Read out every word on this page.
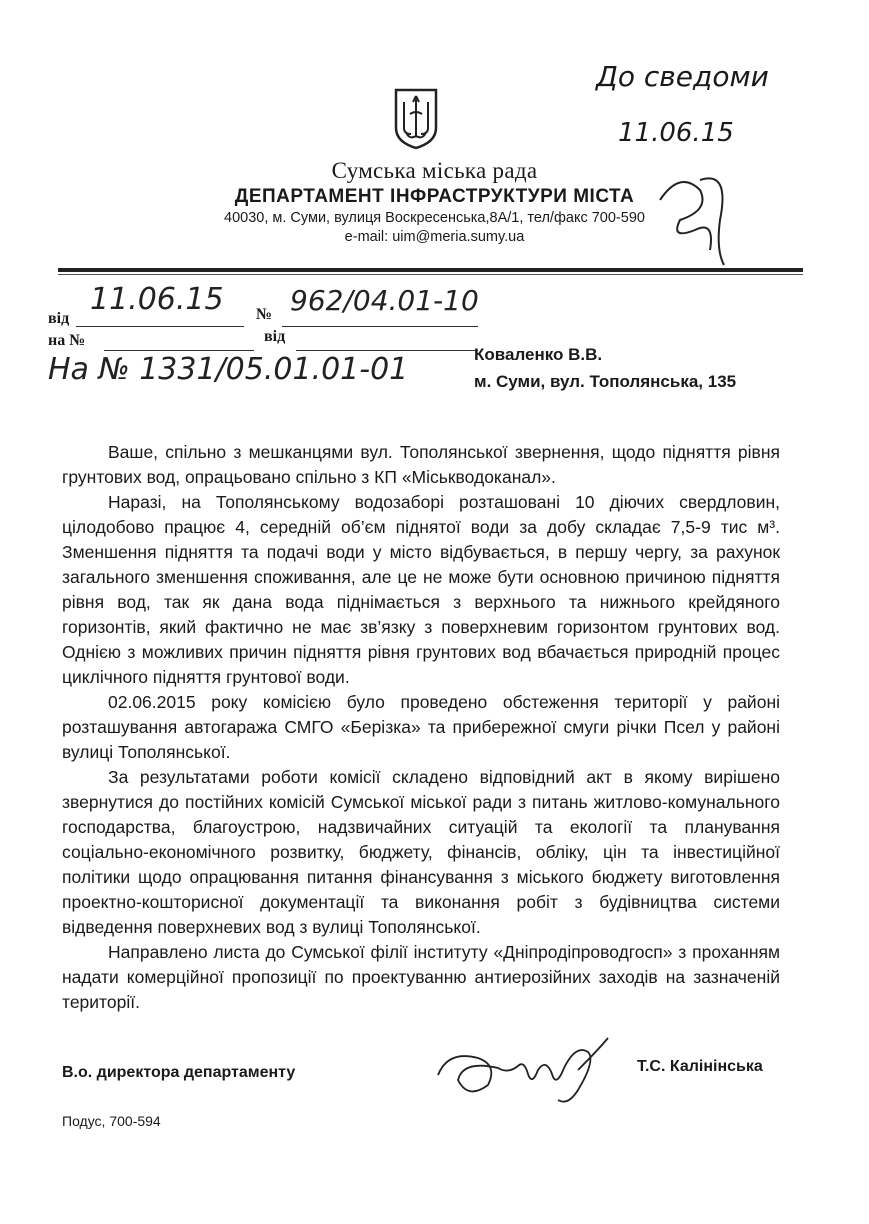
До сведоми
11.06.15
Сумська міська рада
ДЕПАРТАМЕНТ ІНФРАСТРУКТУРИ МІСТА
40030, м. Суми, вулиця Воскресенська,8А/1, тел/факс 700-590
e-mail: uim@meria.sumy.ua
від
11.06.15 № 962/04.01-10
на №	від
На № 1331/05.01.01-01	Коваленко В.В.
м. Суми, вул. Тополянська, 135

Ваше, спільно з мешканцями вул. Тополянської звернення, щодо підняття рівня грунтових вод, опрацьовано спільно з КП «Міськводоканал».

Наразі, на Тополянському водозаборі розташовані 10 діючих свердловин, цілодобово працює 4, середній об’єм піднятої води за добу складає 7,5-9 тис м³. Зменшення підняття та подачі води у місто відбувається, в першу чергу, за рахунок загального зменшення споживання, але це не може бути основною причиною підняття рівня вод, так як дана вода піднімається з верхнього та нижнього крейдяного горизонтів, який фактично не має зв’язку з поверхневим горизонтом грунтових вод. Однією з можливих причин підняття рівня грунтових вод вбачається природній процес циклічного підняття грунтової води.

02.06.2015 року комісією було проведено обстеження території у районі розташування автогаража СМГО «Берізка» та прибережної смуги річки Псел у районі вулиці Тополянської.

За результатами роботи комісії складено відповідний акт в якому вирішено звернутися до постійних комісій Сумської міської ради з питань житлово-комунального господарства, благоустрою, надзвичайних ситуацій та екології та планування соціально-економічного розвитку, бюджету, фінансів, обліку, цін та інвестиційної політики щодо опрацювання питання фінансування з міського бюджету виготовлення проектно-кошторисної документації та виконання робіт з будівництва системи відведення поверхневих вод з вулиці Тополянської.

Направлено листа до Сумської філії інституту «Дніпродіпроводгосп» з проханням надати комерційної пропозиції по проектуванню антиерозійних заходів на зазначеній території.

В.о. директора департаменту	Т.С. Калінінська
Подус, 700-594
